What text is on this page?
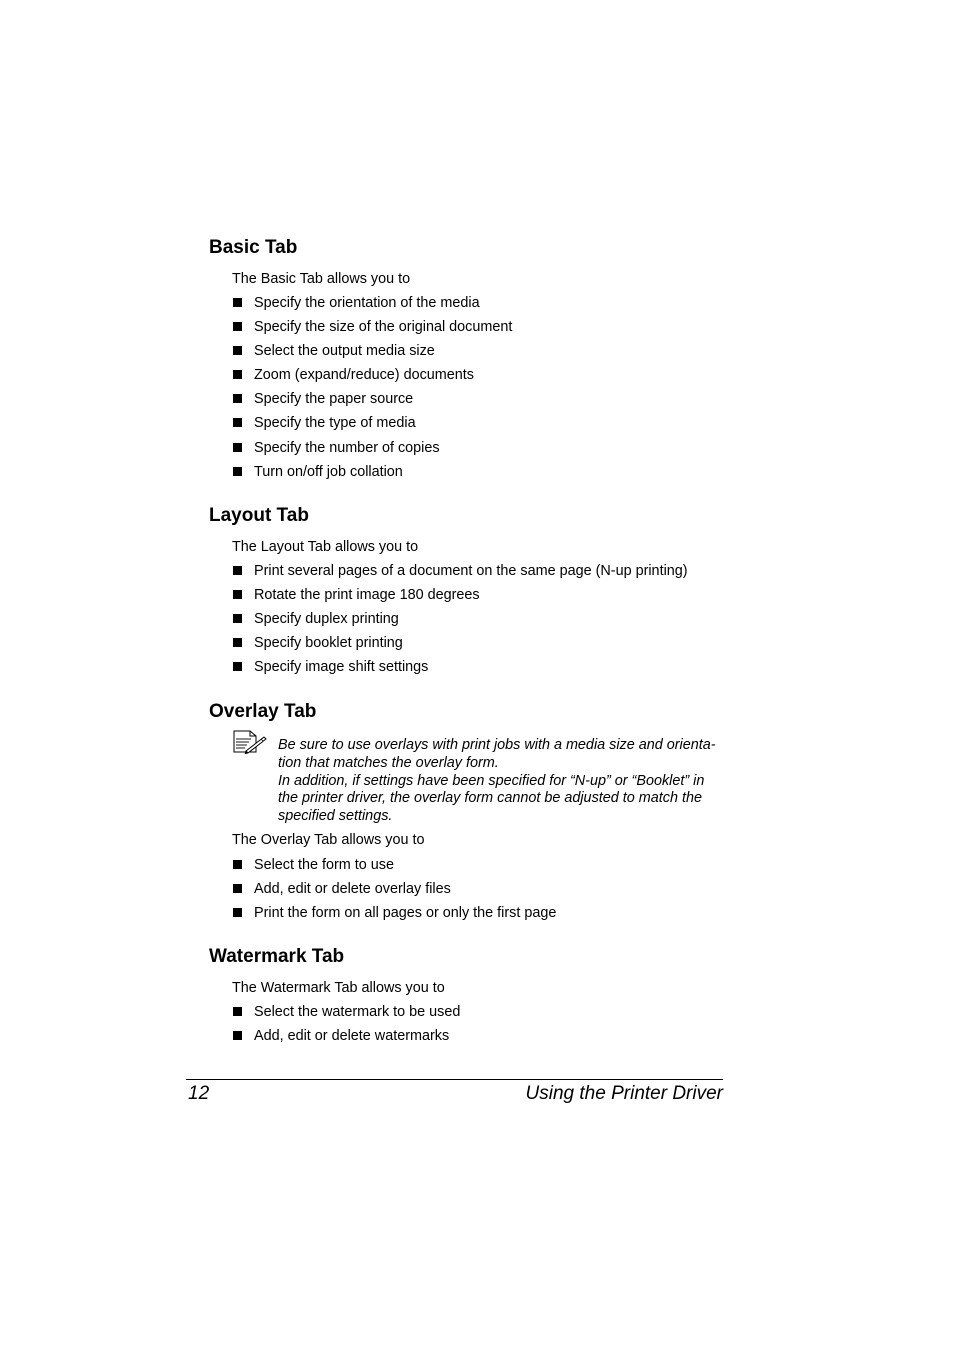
Basic Tab

The Basic Tab allows you to

Specify the orientation of the media
Specify the size of the original document
Select the output media size
Zoom (expand/reduce) documents
Specify the paper source
Specify the type of media
Specify the number of copies
Turn on/off job collation
Layout Tab

The Layout Tab allows you to

Print several pages of a document on the same page (N-up printing)
Rotate the print image 180 degrees
Specify duplex printing
Specify booklet printing
Specify image shift settings
Overlay Tab

Be sure to use overlays with print jobs with a media size and orienta-
tion that matches the overlay form.
In addition, if settings have been specified for “N-up” or “Booklet” in
the printer driver, the overlay form cannot be adjusted to match the
specified settings.

The Overlay Tab allows you to

Select the form to use
Add, edit or delete overlay files
Print the form on all pages or only the first page
Watermark Tab

The Watermark Tab allows you to

Select the watermark to be used
Add, edit or delete watermarks
12	Using the Printer Driver
